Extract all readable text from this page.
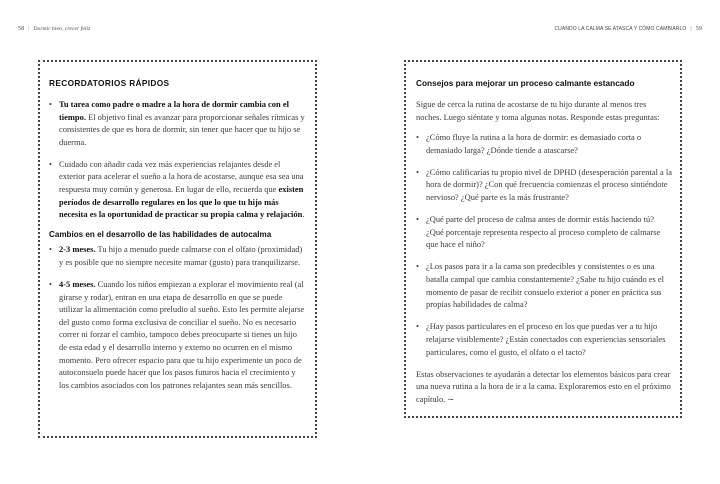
58 | Dormir bien, crecer feliz	CUANDO LA CALMA SE ATASCA Y CÓMO CAMBIARLO | 59
RECORDATORIOS RÁPIDOS
• Tu tarea como padre o madre a la hora de dormir cambia con el tiempo. El objetivo final es avanzar para proporcionar señales rítmicas y consistentes de que es hora de dormir, sin tener que hacer que tu hijo se duerma.
• Cuidado con añadir cada vez más experiencias relajantes desde el exterior para acelerar el sueño a la hora de acostarse, aunque esa sea una respuesta muy común y generosa. En lugar de ello, recuerda que existen períodos de desarrollo regulares en los que lo que tu hijo más necesita es la oportunidad de practicar su propia calma y relajación.
Cambios en el desarrollo de las habilidades de autocalma
• 2-3 meses. Tu hijo a menudo puede calmarse con el olfato (proximidad) y es posible que no siempre necesite mamar (gusto) para tranquilizarse.
• 4-5 meses. Cuando los niños empiezan a explorar el movimiento real (al girarse y rodar), entran en una etapa de desarrollo en que se puede utilizar la alimentación como preludio al sueño. Esto les permite alejarse del gusto como forma exclusiva de conciliar el sueño. No es necesario correr ni forzar el cambio, tampoco debes preocuparte si tienes un hijo de esta edad y el desarrollo interno y externo no ocurren en el mismo momento. Pero ofrecer espacio para que tu hijo experimente un poco de autoconsuelo puede hacer que los pasos futuros hacia el crecimiento y los cambios asociados con los patrones relajantes sean más sencillos.
Consejos para mejorar un proceso calmante estancado

Sigue de cerca la rutina de acostarse de tu hijo durante al menos tres noches. Luego siéntate y toma algunas notas. Responde estas preguntas:

• ¿Cómo fluye la rutina a la hora de dormir: es demasiado corta o demasiado larga? ¿Dónde tiende a atascarse?
• ¿Cómo calificarías tu propio nivel de DPHD (desesperación parental a la hora de dormir)? ¿Con qué frecuencia comienzas el proceso sintiéndote nervioso? ¿Qué parte es la más frustrante?
• ¿Qué parte del proceso de calma antes de dormir estás haciendo tú? ¿Qué porcentaje representa respecto al proceso completo de calmarse que hace el niño?
• ¿Los pasos para ir a la cama son predecibles y consistentes o es una batalla campal que cambia constantemente? ¿Sabe tu hijo cuándo es el momento de pasar de recibir consuelo exterior a poner en práctica sus propias habilidades de calma?
• ¿Hay pasos particulares en el proceso en los que puedas ver a tu hijo relajarse visiblemente? ¿Están conectados con experiencias sensoriales particulares, como el gusto, el olfato o el tacto?

Estas observaciones te ayudarán a detectar los elementos básicos para crear una nueva rutina a la hora de ir a la cama. Exploraremos esto en el próximo capítulo. ∼
